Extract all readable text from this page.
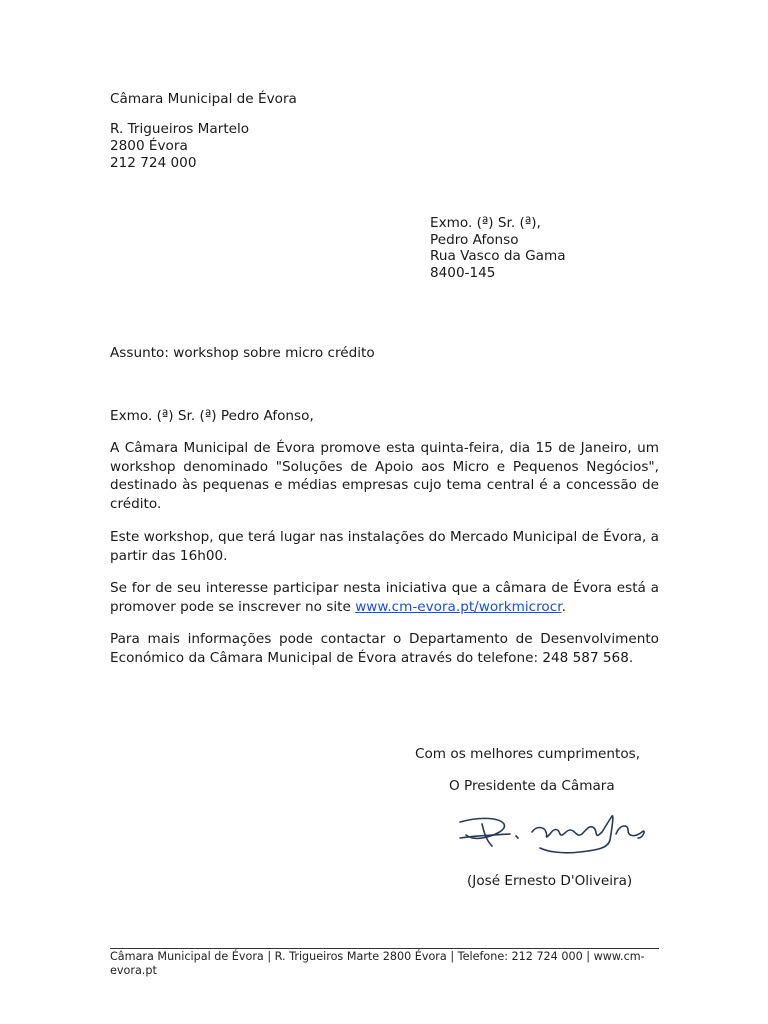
Câmara Municipal de Évora
R. Trigueiros Martelo
2800 Évora
212 724 000
Exmo. (ª) Sr. (ª),
Pedro Afonso
Rua Vasco da Gama
8400-145
Assunto: workshop sobre micro crédito
Exmo. (ª) Sr. (ª) Pedro Afonso,
A Câmara Municipal de Évora promove esta quinta-feira, dia 15 de Janeiro, um workshop denominado "Soluções de Apoio aos Micro e Pequenos Negócios", destinado às pequenas e médias empresas cujo tema central é a concessão de crédito.
Este workshop, que terá lugar nas instalações do Mercado Municipal de Évora, a partir das 16h00.
Se for de seu interesse participar nesta iniciativa que a câmara de Évora está a promover pode se inscrever no site www.cm-evora.pt/workmicrocr.
Para mais informações pode contactar o Departamento de Desenvolvimento Económico da Câmara Municipal de Évora através do telefone: 248 587 568.
Com os melhores cumprimentos,
O Presidente da Câmara
(José Ernesto D'Oliveira)
Câmara Municipal de Évora | R. Trigueiros Marte 2800 Évora | Telefone: 212 724 000 | www.cm-evora.pt
